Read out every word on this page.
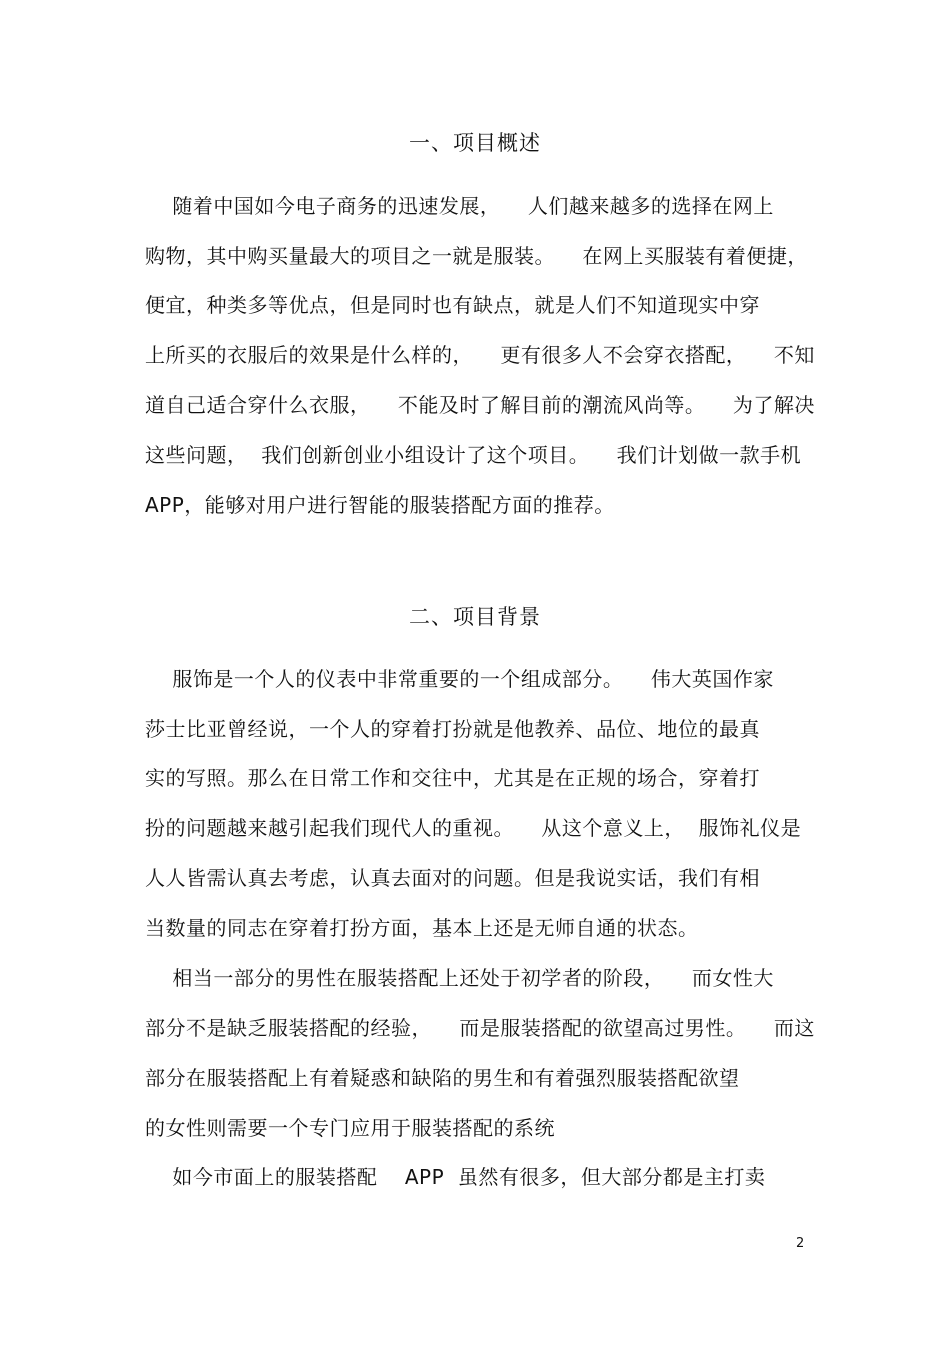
一、项目概述
随着中国如今电子商务的迅速发展，    人们越来越多的选择在网上
购物，其中购买量最大的项目之一就是服装。    在网上买服装有着便捷，
便宜，种类多等优点，但是同时也有缺点，就是人们不知道现实中穿
上所买的衣服后的效果是什么样的，    更有很多人不会穿衣搭配，    不知
道自己适合穿什么衣服，    不能及时了解目前的潮流风尚等。    为了解决
这些问题，  我们创新创业小组设计了这个项目。    我们计划做一款手机
APP，能够对用户进行智能的服装搭配方面的推荐。
二、项目背景
服饰是一个人的仪表中非常重要的一个组成部分。    伟大英国作家
莎士比亚曾经说，一个人的穿着打扮就是他教养、品位、地位的最真
实的写照。那么在日常工作和交往中，尤其是在正规的场合，穿着打
扮的问题越来越引起我们现代人的重视。    从这个意义上，  服饰礼仪是
人人皆需认真去考虑，认真去面对的问题。但是我说实话，我们有相
当数量的同志在穿着打扮方面，基本上还是无师自通的状态。
相当一部分的男性在服装搭配上还处于初学者的阶段，    而女性大
部分不是缺乏服装搭配的经验，    而是服装搭配的欲望高过男性。    而这
部分在服装搭配上有着疑惑和缺陷的男生和有着强烈服装搭配欲望
的女性则需要一个专门应用于服装搭配的系统
如今市面上的服装搭配    APP  虽然有很多，但大部分都是主打卖
2
